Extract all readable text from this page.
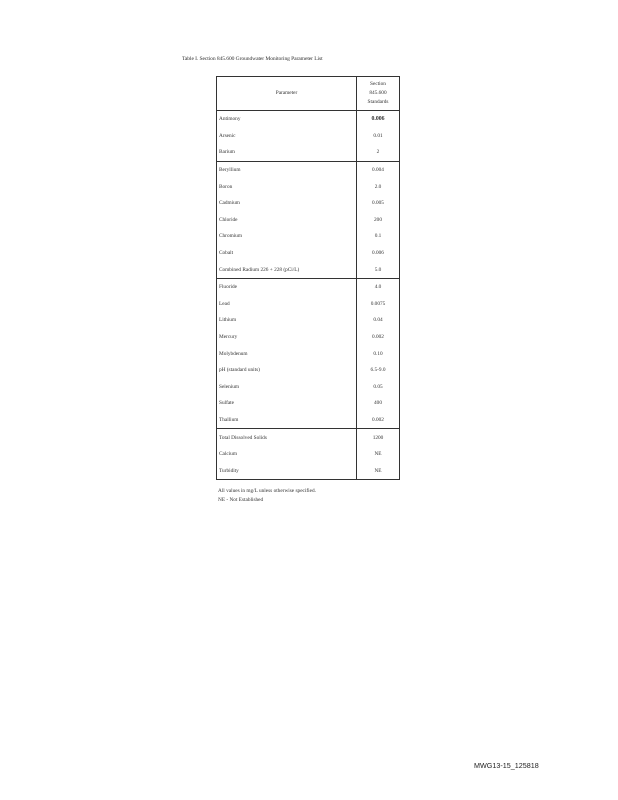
Table I. Section 845.600 Groundwater Monitoring Parameter List
Parameter	Section
845.600
Standards
Antimony	0.006
Arsenic	0.01
Barium	2
Beryllium	0.004
Boron	2.0
Cadmium	0.005
Chloride	200
Chromium	0.1
Cobalt	0.006
Combined Radium 226 + 228 (pCi/L)	5.0
Fluoride	4.0
Lead	0.0075
Lithium	0.04
Mercury	0.002
Molybdenum	0.10
pH (standard units)	6.5-9.0
Selenium	0.05
Sulfate	400
Thallium	0.002
Total Dissolved Solids	1200
Calcium	NE
Turbidity	NE
All values in mg/L unless otherwise specified.
NE - Not Established
MWG13-15_125818
